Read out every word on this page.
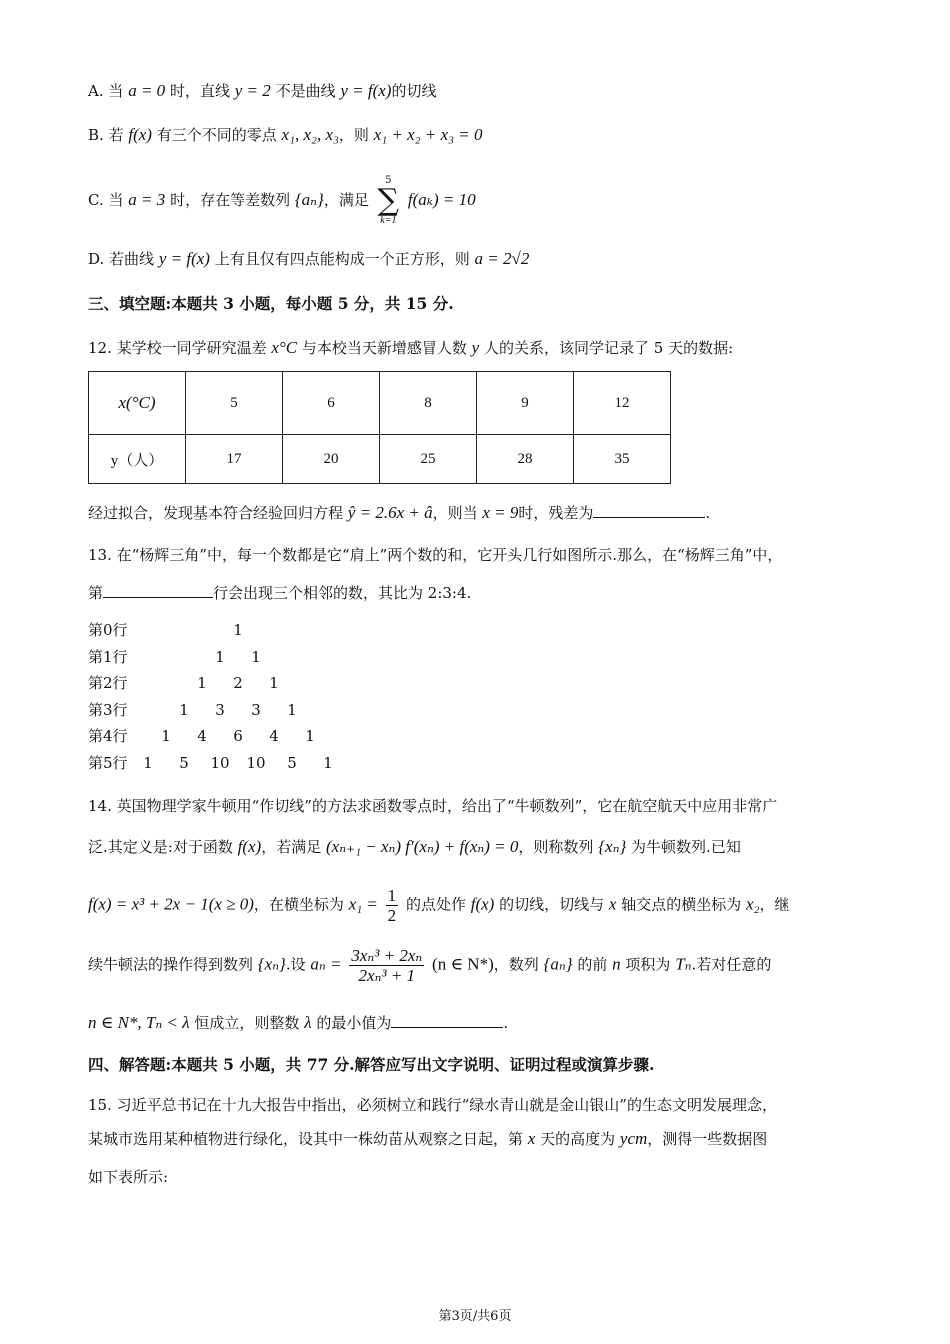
A. 当 a = 0 时，直线 y = 2 不是曲线 y = f(x)的切线
B. 若 f(x) 有三个不同的零点 x₁, x₂, x₃，则 x₁ + x₂ + x₃ = 0
C. 当 a = 3 时，存在等差数列 {aₙ}，满足
5
∑
k=1
f(aₖ) = 10
D. 若曲线 y = f(x) 上有且仅有四点能构成一个正方形，则 a = 2√2
三、填空题:本题共 3 小题，每小题 5 分，共 15 分.
12. 某学校一同学研究温差 x°C 与本校当天新增感冒人数 y 人的关系，该同学记录了 5 天的数据:
x(°C)	5	6	8	9	12
y（人）	17	20	25	28	35
经过拟合，发现基本符合经验回归方程 ŷ = 2.6x + â，则当 x = 9时，残差为	.
13. 在“杨辉三角”中，每一个数都是它“肩上”两个数的和，它开头几行如图所示.那么，在“杨辉三角”中，
第	行会出现三个相邻的数，其比为 2:3:4.
第0行	1
第1行	1 1
第2行	1 2 1
第3行	1 3 3 1
第4行 1 4 6 4 1
第5行 1 5 10 10 5 1
14. 英国物理学家牛顿用“作切线”的方法求函数零点时，给出了“牛顿数列”，它在航空航天中应用非常广
泛.其定义是:对于函数 f(x)，若满足 (xₙ₊₁ − xₙ) f′(xₙ) + f(xₙ) = 0，则称数列 {xₙ} 为牛顿数列.已知
f(x) = x³ + 2x − 1(x ≥ 0)，在横坐标为 $x_1 = \frac{1}{2}$ 的点处作 f(x) 的切线，切线与 x 轴交点的横坐标为 x₂，继
续牛顿法的操作得到数列 {xₙ}.设 $a_n = \frac{\text{3xₙ³ + 2xₙ}}{\text{2xₙ³ + 1}} (n$ ∈ N*)，数列 {aₙ} 的前 n 项积为 Tₙ.若对任意的
n ∈ N*, Tₙ < λ 恒成立，则整数 λ 的最小值为	.
四、解答题:本题共 5 小题，共 77 分.解答应写出文字说明、证明过程或演算步骤.
15. 习近平总书记在十九大报告中指出，必须树立和践行“绿水青山就是金山银山”的生态文明发展理念，
某城市选用某种植物进行绿化，设其中一株幼苗从观察之日起，第 x 天的高度为 ycm，测得一些数据图
如下表所示:
第3页/共6页
